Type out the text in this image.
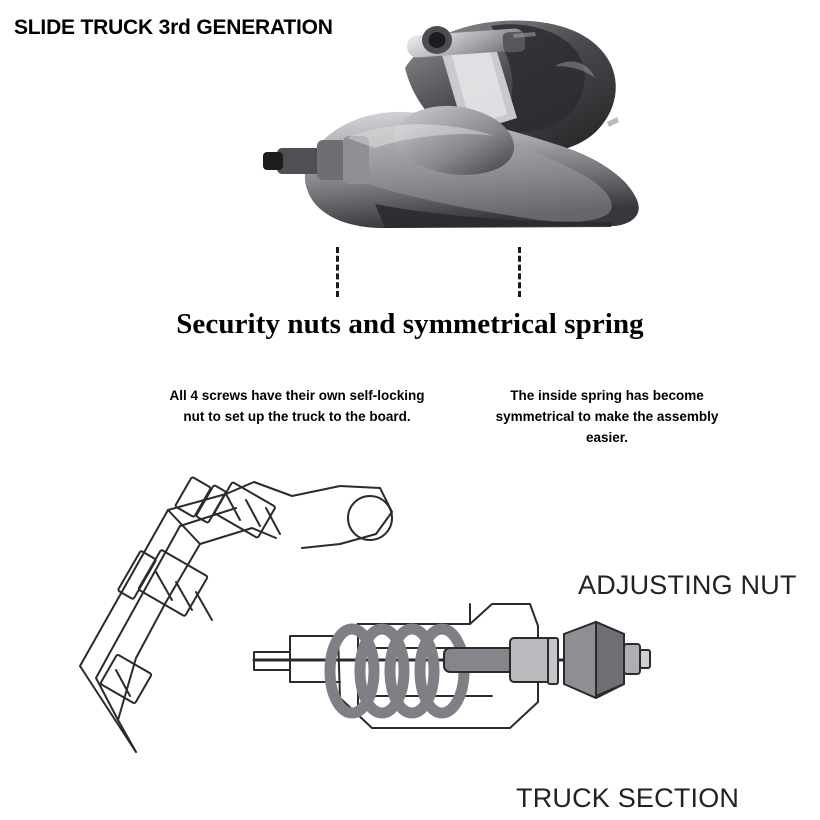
SLIDE TRUCK 3rd GENERATION
Security nuts and symmetrical spring
All 4 screws have their own self-locking nut to set up the truck to the board.
The inside spring has become symmetrical to make the assembly easier.
ADJUSTING NUT
TRUCK SECTION
